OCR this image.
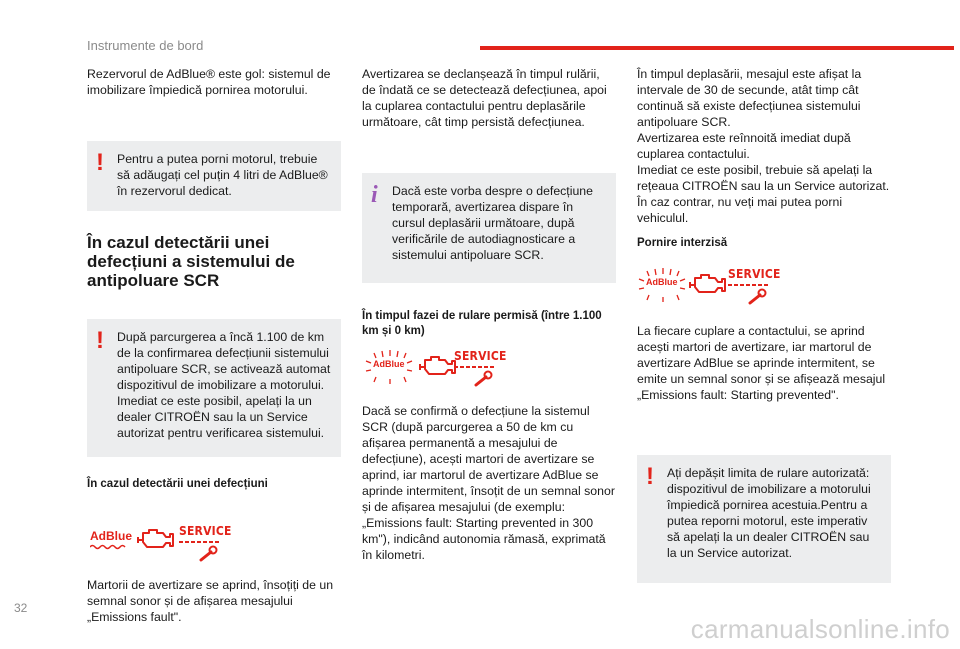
Instrumente de bord

Rezervorul de AdBlue® este gol: sistemul de imobilizare împiedică pornirea motorului.

! Pentru a putea porni motorul, trebuie să adăugați cel puțin 4 litri de AdBlue® în rezervorul dedicat.
În cazul detectării unei defecțiuni a sistemului de antipoluare SCR
! După parcurgerea a încă 1.100 de km de la confirmarea defecțiunii sistemului antipoluare SCR, se activează automat dispozitivul de imobilizare a motorului. Imediat ce este posibil, apelați la un dealer CITROËN sau la un Service autorizat pentru verificarea sistemului.
În cazul detectării unei defecțiuni
AdBlue	SERVICE

Martorii de avertizare se aprind, însoțiți de un semnal sonor și de afișarea mesajului „Emissions fault".

Avertizarea se declanșează în timpul rulării, de îndată ce se detectează defecțiunea, apoi la cuplarea contactului pentru deplasările următoare, cât timp persistă defecțiunea.

i Dacă este vorba despre o defecțiune temporară, avertizarea dispare în cursul deplasării următoare, după verificările de autodiagnosticare a sistemului antipoluare SCR.
În timpul fazei de rulare permisă (între 1.100 km și 0 km)
AdBlue
SERVICE

Dacă se confirmă o defecțiune la sistemul SCR (după parcurgerea a 50 de km cu afișarea permanentă a mesajului de defecțiune), acești martori de avertizare se aprind, iar martorul de avertizare AdBlue se aprinde intermitent, însoțit de un semnal sonor și de afișarea mesajului (de exemplu: „Emissions fault: Starting prevented in 300 km"), indicând autonomia rămasă, exprimată în kilometri.

În timpul deplasării, mesajul este afișat la intervale de 30 de secunde, atât timp cât continuă să existe defecțiunea sistemului antipoluare SCR.
Avertizarea este reînnoită imediat după cuplarea contactului.
Imediat ce este posibil, trebuie să apelați la rețeaua CITROËN sau la un Service autorizat.
În caz contrar, nu veți mai putea porni vehiculul.

Pornire interzisă
AdBlue
SERVICE

La fiecare cuplare a contactului, se aprind acești martori de avertizare, iar martorul de avertizare AdBlue se aprinde intermitent, se emite un semnal sonor și se afișează mesajul „Emissions fault: Starting prevented".

! Ați depășit limita de rulare autorizată: dispozitivul de imobilizare a motorului împiedică pornirea acestuia.Pentru a putea reporni motorul, este imperativ să apelați la un dealer CITROËN sau la un Service autorizat.
32
carmanualsonline.info
